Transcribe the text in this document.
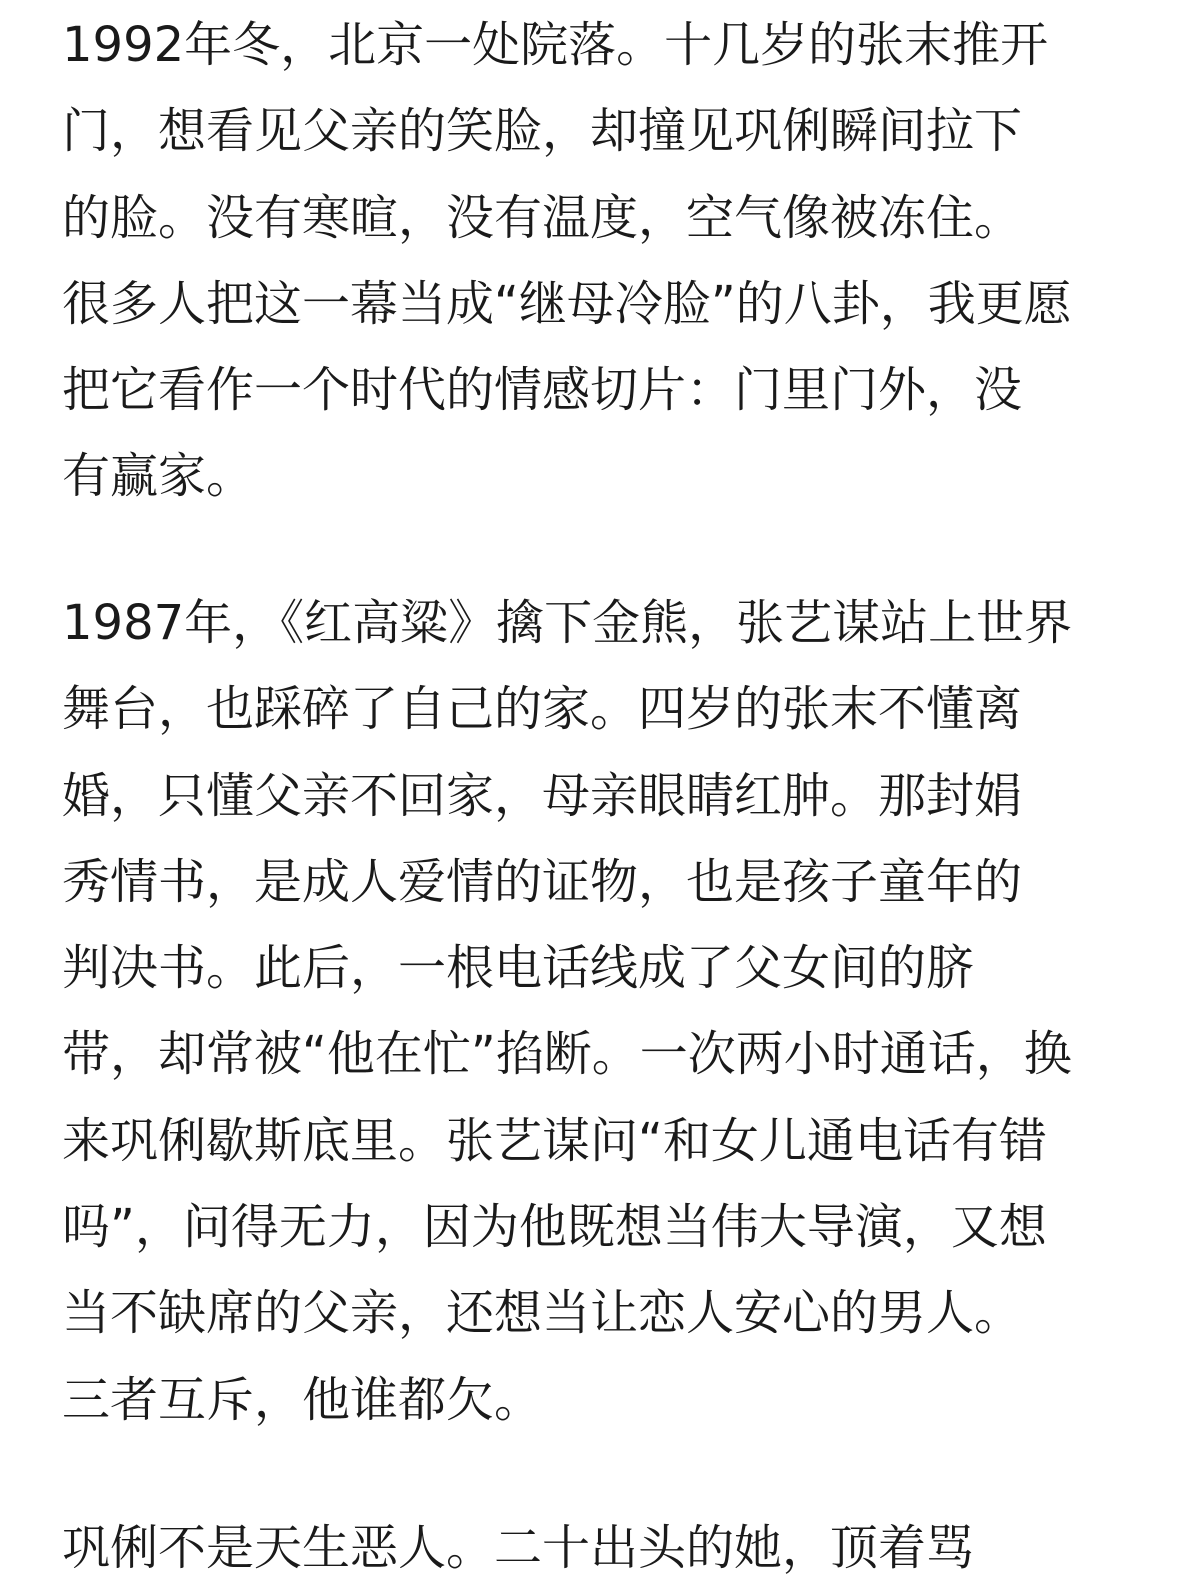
1992年冬，北京一处院落。十几岁的张末推开
门，想看见父亲的笑脸，却撞见巩俐瞬间拉下
的脸。没有寒暄，没有温度，空气像被冻住。
很多人把这一幕当成“继母冷脸”的八卦，我更愿
把它看作一个时代的情感切片：门里门外，没
有赢家。
1987年，《红高粱》擒下金熊，张艺谋站上世界
舞台，也踩碎了自己的家。四岁的张末不懂离
婚，只懂父亲不回家，母亲眼睛红肿。那封娟
秀情书，是成人爱情的证物，也是孩子童年的
判决书。此后，一根电话线成了父女间的脐
带，却常被“他在忙”掐断。一次两小时通话，换
来巩俐歇斯底里。张艺谋问“和女儿通电话有错
吗”，问得无力，因为他既想当伟大导演，又想
当不缺席的父亲，还想当让恋人安心的男人。
三者互斥，他谁都欠。
巩俐不是天生恶人。二十出头的她，顶着骂
